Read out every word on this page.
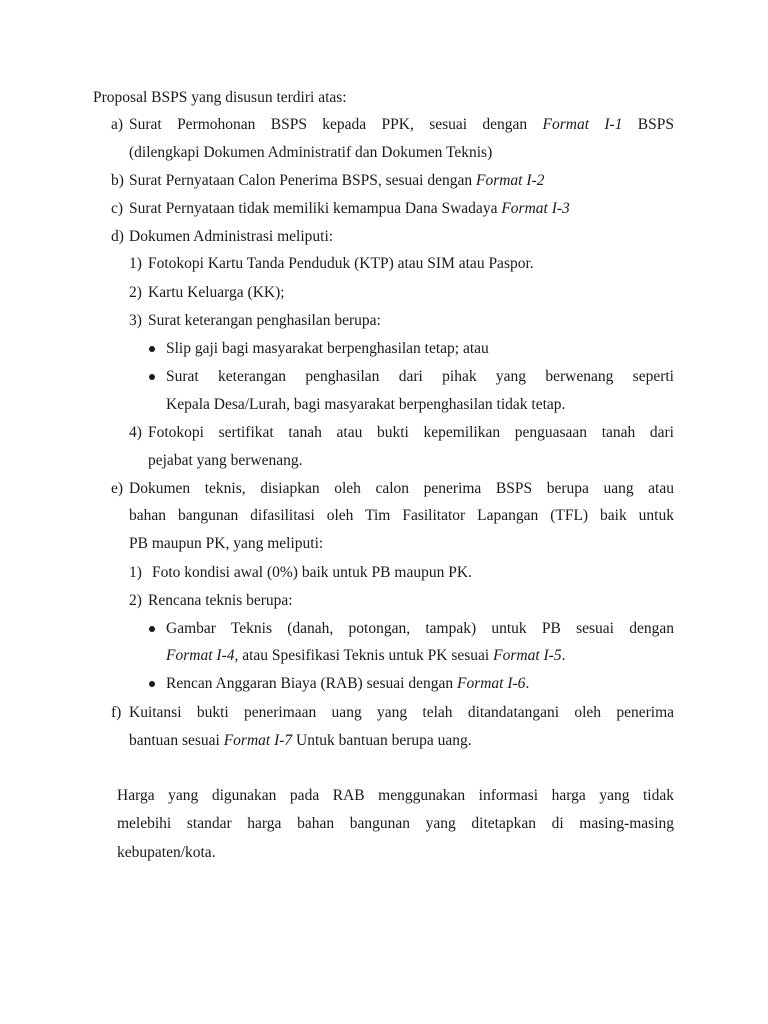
Proposal BSPS yang disusun terdiri atas:
a) Surat Permohonan BSPS kepada PPK, sesuai dengan Format I-1 BSPS
(dilengkapi Dokumen Administratif dan Dokumen Teknis)
b) Surat Pernyataan Calon Penerima BSPS, sesuai dengan Format I-2
c) Surat Pernyataan tidak memiliki kemampua Dana Swadaya Format I-3
d) Dokumen Administrasi meliputi:
1) Fotokopi Kartu Tanda Penduduk (KTP) atau SIM atau Paspor.
2) Kartu Keluarga (KK);
3) Surat keterangan penghasilan berupa:
Slip gaji bagi masyarakat berpenghasilan tetap; atau
Surat keterangan penghasilan dari pihak yang berwenang seperti
Kepala Desa/Lurah, bagi masyarakat berpenghasilan tidak tetap.
4) Fotokopi sertifikat tanah atau bukti kepemilikan penguasaan tanah dari
pejabat yang berwenang.
e) Dokumen teknis, disiapkan oleh calon penerima BSPS berupa uang atau
bahan bangunan difasilitasi oleh Tim Fasilitator Lapangan (TFL) baik untuk
PB maupun PK, yang meliputi:
1) Foto kondisi awal (0%) baik untuk PB maupun PK.
2) Rencana teknis berupa:
Gambar Teknis (danah, potongan, tampak) untuk PB sesuai dengan
Format I-4, atau Spesifikasi Teknis untuk PK sesuai Format I-5.
Rencan Anggaran Biaya (RAB) sesuai dengan Format I-6.
f) Kuitansi bukti penerimaan uang yang telah ditandatangani oleh penerima
bantuan sesuai Format I-7 Untuk bantuan berupa uang.
Harga yang digunakan pada RAB menggunakan informasi harga yang tidak
melebihi standar harga bahan bangunan yang ditetapkan di masing-masing
kebupaten/kota.
